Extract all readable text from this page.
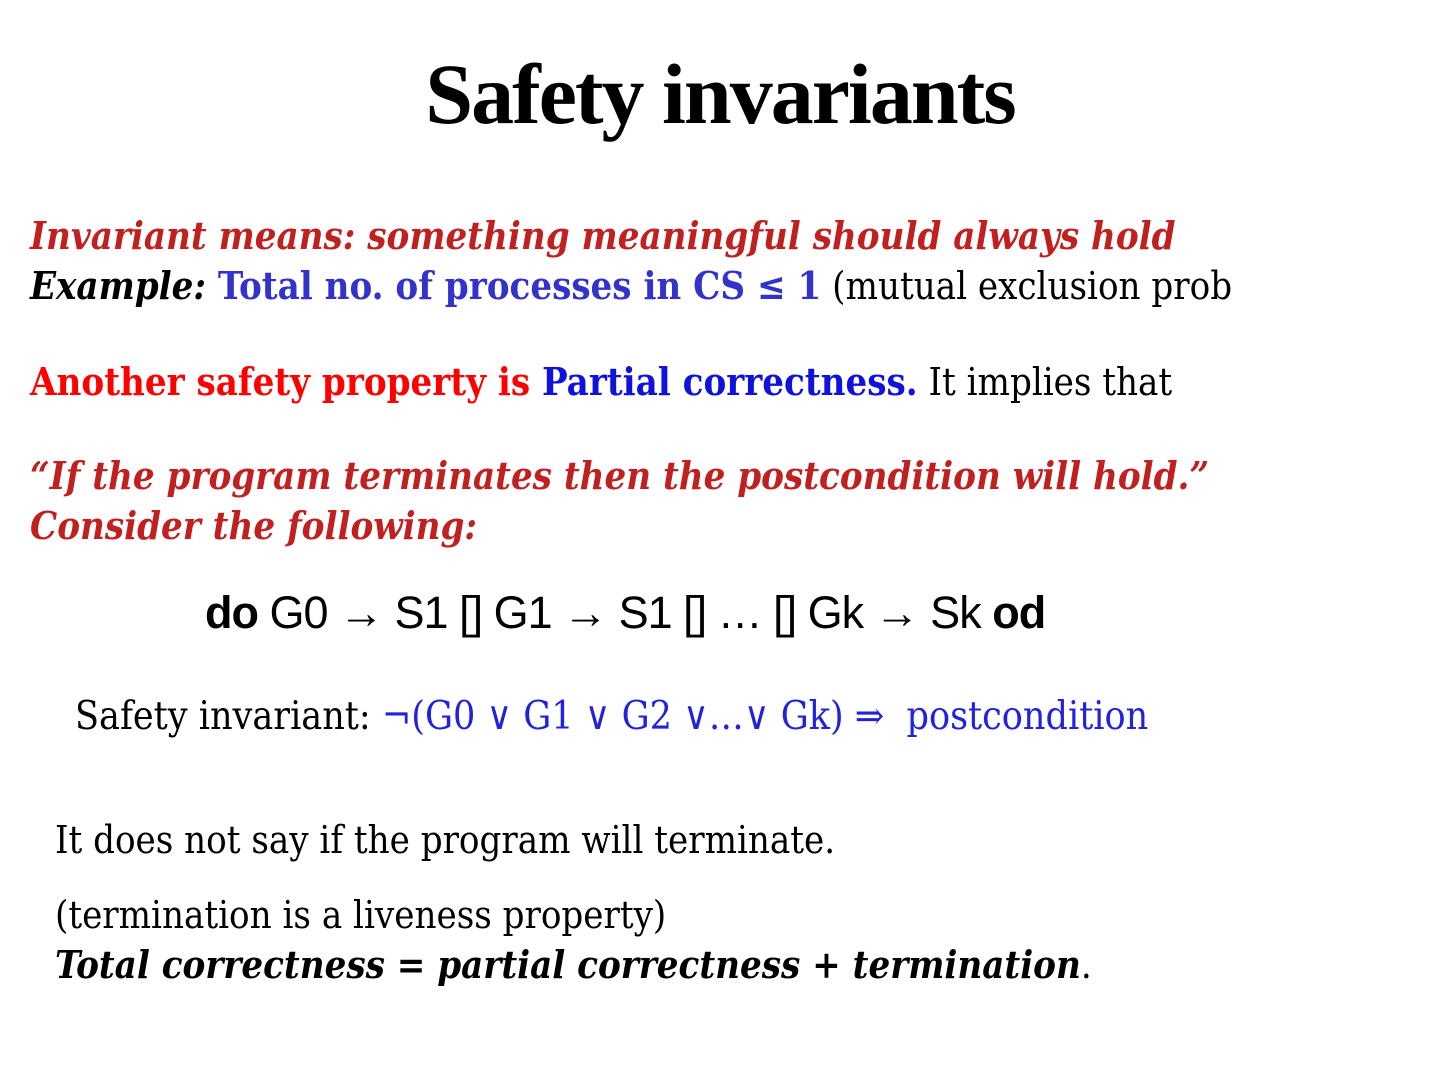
Safety invariants
Invariant means: something meaningful should always hold
Example: Total no. of processes in CS ≤ 1 (mutual exclusion prob
Another safety property is Partial correctness. It implies that
“If the program terminates then the postcondition will hold.”
Consider the following:
do G0 → S1 [] G1 → S1 [] … [] Gk → Sk od
Safety invariant: ¬(G0 ∨ G1 ∨ G2 ∨…∨ Gk) ⇒  postcondition
It does not say if the program will terminate.
(termination is a liveness property)
Total correctness = partial correctness + termination.
